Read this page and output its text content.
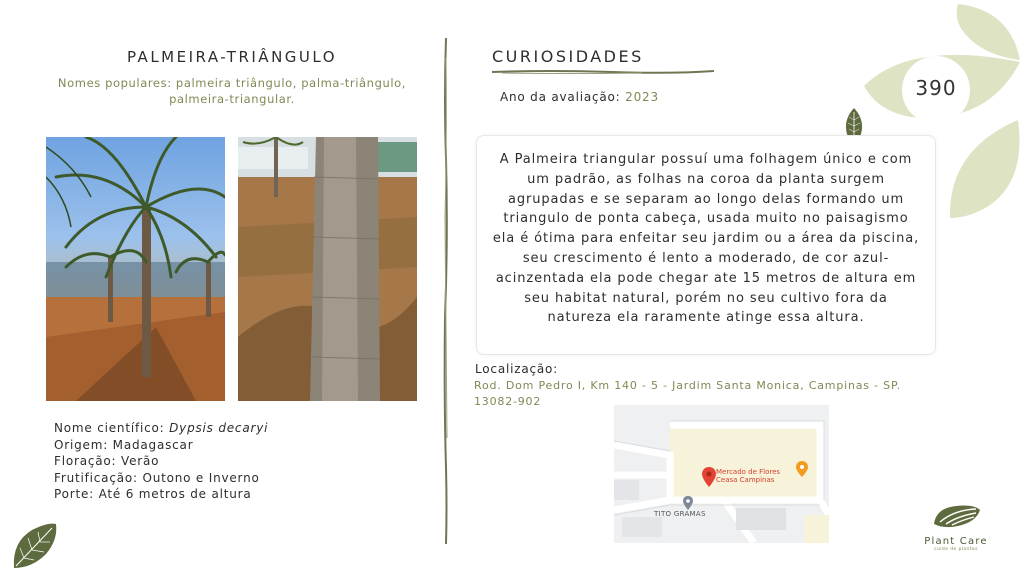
PALMEIRA-TRIÂNGULO
Nomes populares: palmeira triângulo, palma-triângulo,
palmeira-triangular.
Nome científico: Dypsis decaryi
Origem: Madagascar
Floração: Verão
Frutificação: Outono e Inverno
Porte: Até 6 metros de altura
CURIOSIDADES
Ano da avaliação: 2023	390
A Palmeira triangular possuí uma folhagem único e com um padrão, as folhas na coroa da planta surgem agrupadas e se separam ao longo delas formando um triangulo de ponta cabeça, usada muito no paisagismo ela é ótima para enfeitar seu jardim ou a área da piscina, seu crescimento é lento a moderado, de cor azul-acinzentada ela pode chegar ate 15 metros de altura em seu habitat natural, porém no seu cultivo fora da natureza ela raramente atinge essa altura.
Localização:
Rod. Dom Pedro I, Km 140 - 5 - Jardim Santa Monica, Campinas - SP. 13082-902
Mercado de Flores
Ceasa Campinas
TITO GRAMAS
Plant Care
cuide de plantas
